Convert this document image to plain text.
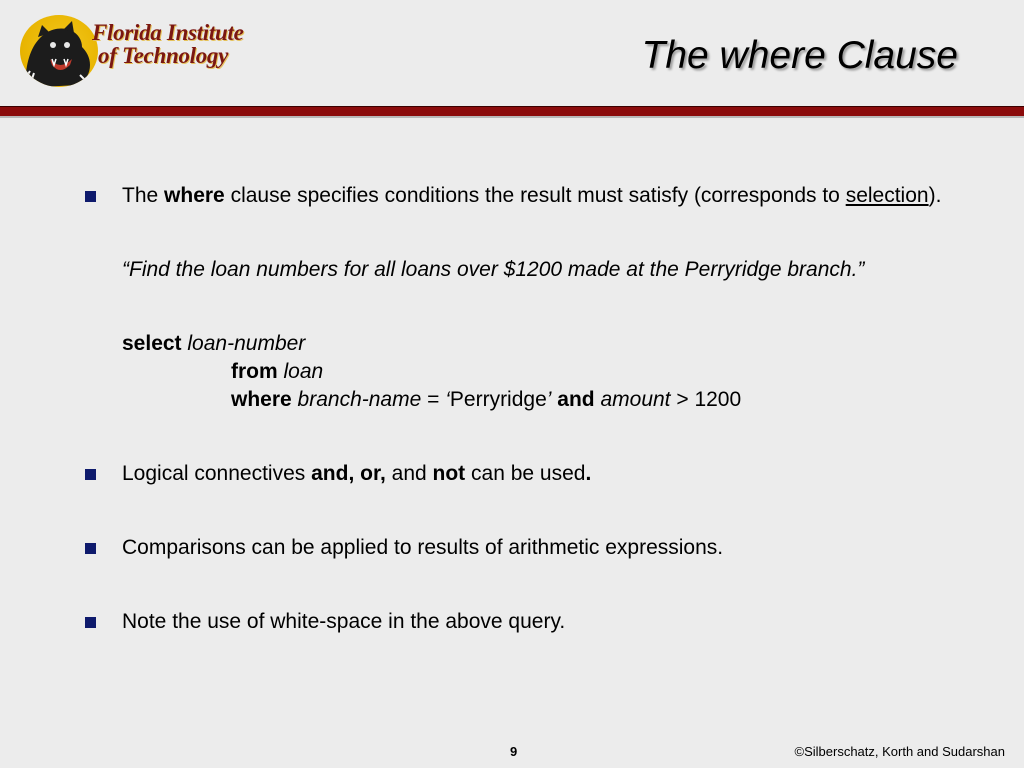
Florida Institute
of Technology	The where Clause
The where clause specifies conditions the result must satisfy (corresponds to selection).
“Find the loan numbers for all loans over $1200 made at the Perryridge branch.”
select loan-number
from loan
where branch-name = ‘Perryridge’ and amount > 1200
Logical connectives and, or, and not can be used.
Comparisons can be applied to results of arithmetic expressions.
Note the use of white-space in the above query.
9	©Silberschatz, Korth and Sudarshan
